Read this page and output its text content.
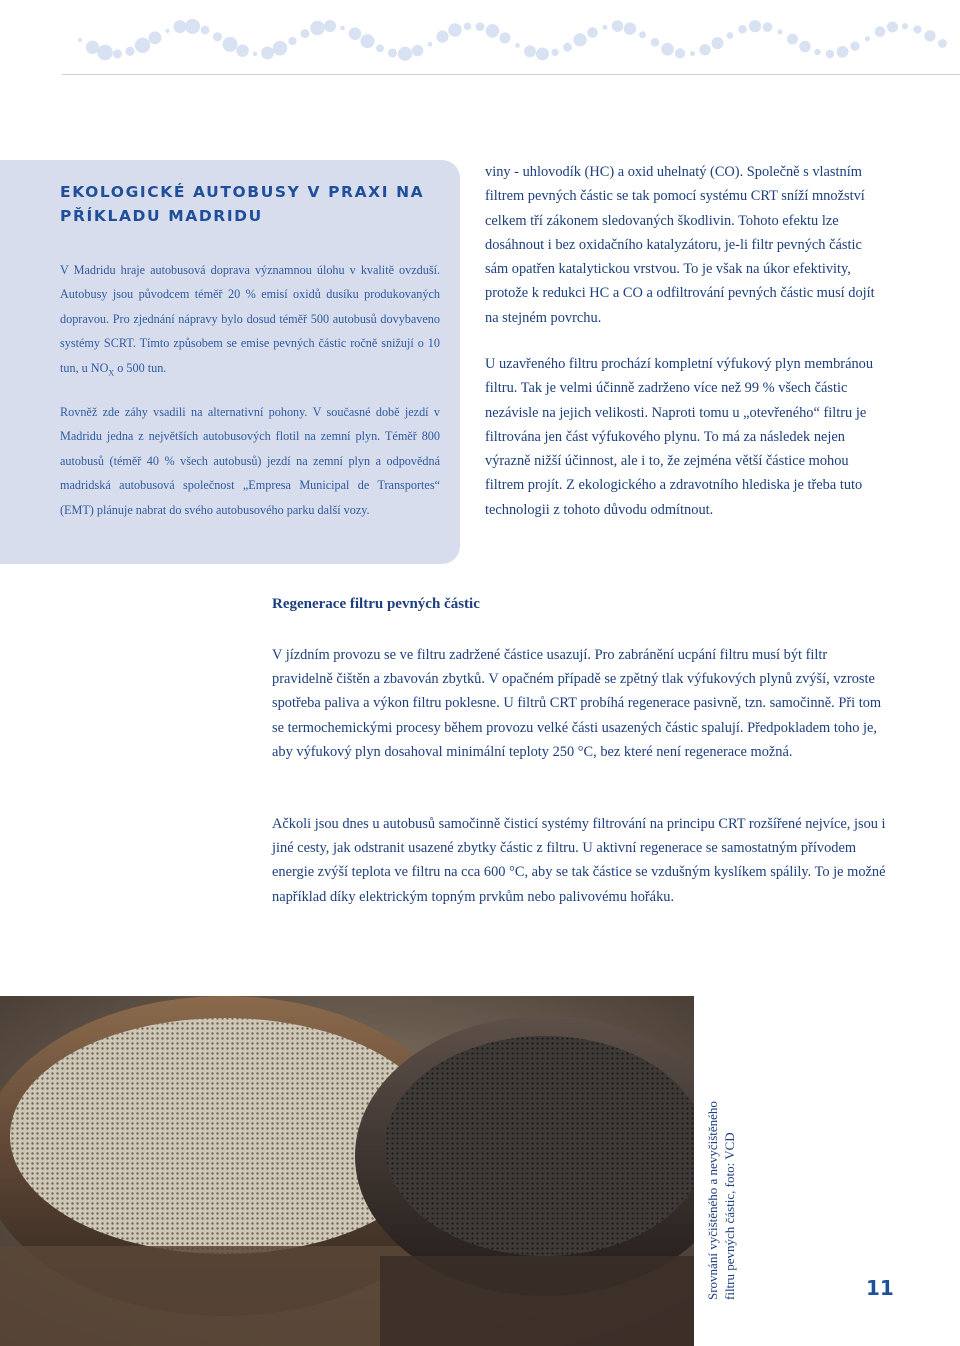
EKOLOGICKÉ AUTOBUSY V PRAXI NA PŘÍKLADU MADRIDU

V Madridu hraje autobusová doprava významnou úlohu v kvalitě ovzduší. Autobusy jsou původcem téměř 20 % emisí oxidů dusíku produkovaných dopravou. Pro zjednání nápravy bylo dosud téměř 500 autobusů dovybaveno systémy SCRT. Tímto způsobem se emise pevných částic ročně snižují o 10 tun, u $NO_X$ o 500 tun.

Rovněž zde záhy vsadili na alternativní pohony. V současné době jezdí v Madridu jedna z největších autobusových flotil na zemní plyn. Téměř 800 autobusů (téměř 40 % všech autobusů) jezdí na zemní plyn a odpovědná madridská autobusová společnost „Empresa Municipal de Transportes“ (EMT) plánuje nabrat do svého autobusového parku další vozy.

viny - uhlovodík (HC) a oxid uhelnatý (CO). Společně s vlastním filtrem pevných částic se tak pomocí systému CRT sníží množství celkem tří zákonem sledovaných škodlivin. Tohoto efektu lze dosáhnout i bez oxidačního katalyzátoru, je-li filtr pevných částic sám opatřen katalytickou vrstvou. To je však na úkor efektivity, protože k redukci HC a CO a odfiltrování pevných částic musí dojít na stejném povrchu.

U uzavřeného filtru prochází kompletní výfukový plyn membránou filtru. Tak je velmi účinně zadrženo více než 99 % všech částic nezávisle na jejich velikosti. Naproti tomu u „otevřeného“ filtru je filtrována jen část výfukového plynu. To má za následek nejen výrazně nižší účinnost, ale i to, že zejména větší částice mohou filtrem projít. Z ekologického a zdravotního hlediska je třeba tuto technologii z tohoto důvodu odmítnout.

Regenerace filtru pevných částic

V jízdním provozu se ve filtru zadržené částice usazují. Pro zabránění ucpání filtru musí být filtr pravidelně čištěn a zbavován zbytků. V opačném případě se zpětný tlak výfukových plynů zvýší, vzroste spotřeba paliva a výkon filtru poklesne. U filtrů CRT probíhá regenerace pasivně, tzn. samočinně. Při tom se termochemickými procesy během provozu velké části usazených částic spalují. Předpokladem toho je, aby výfukový plyn dosahoval minimální teploty 250 °C, bez které není regenerace možná.

Ačkoli jsou dnes u autobusů samočinně čisticí systémy filtrování na principu CRT rozšířené nejvíce, jsou i jiné cesty, jak odstranit usazené zbytky částic z filtru. U aktivní regenerace se samostatným přívodem energie zvýší teplota ve filtru na cca 600 °C, aby se tak částice se vzdušným kyslíkem spálily. To je možné například díky elektrickým topným prvkům nebo palivovému hořáku.

Srovnání vyčištěného a nevyčištěného filtru pevných částic, foto: VCD	11
